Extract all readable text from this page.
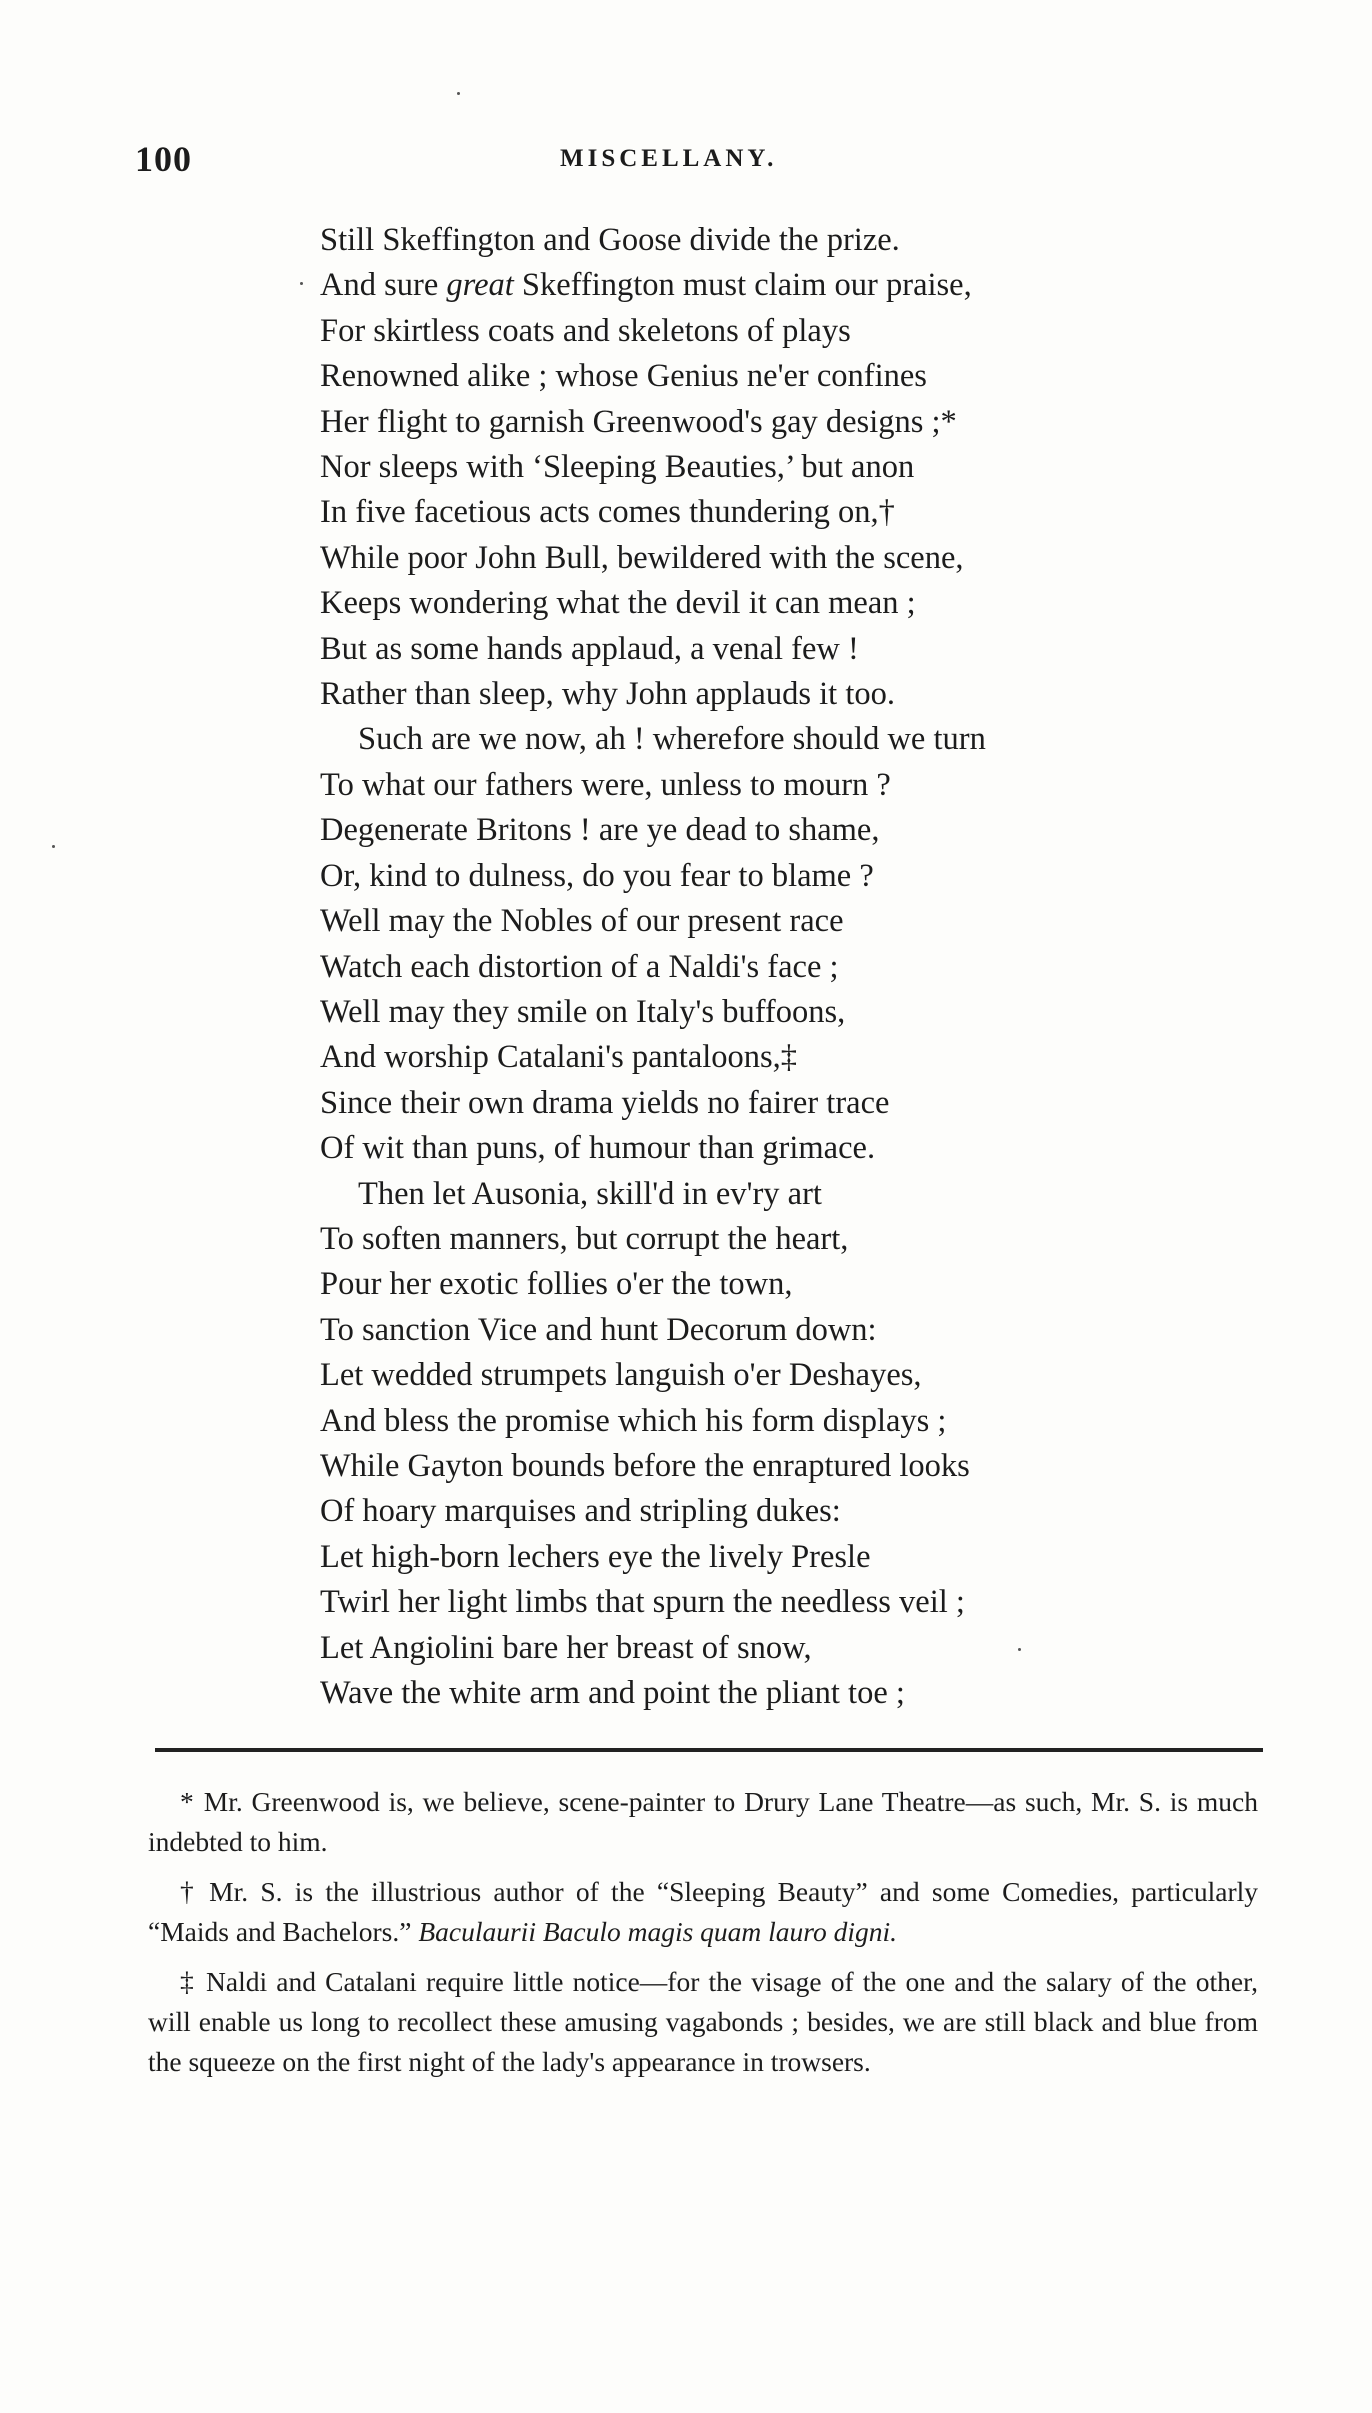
100	MISCELLANY.
Still Skeffington and Goose divide the prize.
And sure great Skeffington must claim our praise,
For skirtless coats and skeletons of plays
Renowned alike ; whose Genius ne'er confines
Her flight to garnish Greenwood's gay designs ;*
Nor sleeps with ‘Sleeping Beauties,’ but anon
In five facetious acts comes thundering on,†
While poor John Bull, bewildered with the scene,
Keeps wondering what the devil it can mean ;
But as some hands applaud, a venal few !
Rather than sleep, why John applauds it too.
Such are we now, ah ! wherefore should we turn
To what our fathers were, unless to mourn ?
Degenerate Britons ! are ye dead to shame,
Or, kind to dulness, do you fear to blame ?
Well may the Nobles of our present race
Watch each distortion of a Naldi's face ;
Well may they smile on Italy's buffoons,
And worship Catalani's pantaloons,‡
Since their own drama yields no fairer trace
Of wit than puns, of humour than grimace.
Then let Ausonia, skill'd in ev'ry art
To soften manners, but corrupt the heart,
Pour her exotic follies o'er the town,
To sanction Vice and hunt Decorum down:
Let wedded strumpets languish o'er Deshayes,
And bless the promise which his form displays ;
While Gayton bounds before the enraptured looks
Of hoary marquises and stripling dukes:
Let high-born lechers eye the lively Presle
Twirl her light limbs that spurn the needless veil ;
Let Angiolini bare her breast of snow,
Wave the white arm and point the pliant toe ;

* Mr. Greenwood is, we believe, scene-painter to Drury Lane Theatre—as such, Mr. S. is much indebted to him.

† Mr. S. is the illustrious author of the “Sleeping Beauty” and some Comedies, particularly “Maids and Bachelors.” Baculaurii Baculo magis quam lauro digni.

‡ Naldi and Catalani require little notice—for the visage of the one and the salary of the other, will enable us long to recollect these amusing vagabonds ; besides, we are still black and blue from the squeeze on the first night of the lady's appearance in trowsers.
